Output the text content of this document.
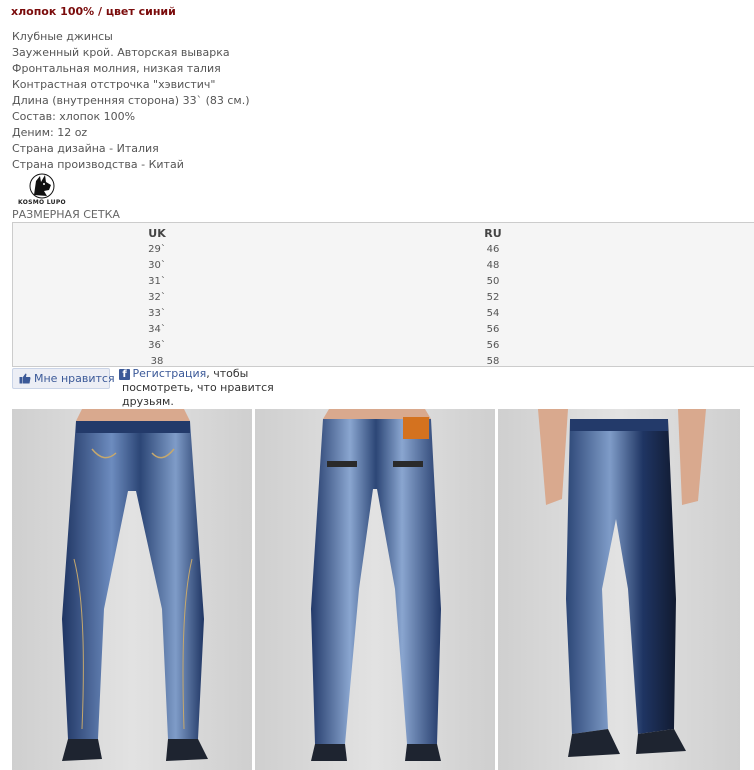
хлопок 100% / цвет синий
Клубные джинсы
Зауженный крой. Авторская выварка
Фронтальная молния, низкая талия
Контрастная отстрочка "хэвистич"
Длина (внутренняя сторона) 33` (83 см.)
Состав: хлопок 100%
Деним: 12 oz
Страна дизайна - Италия
Страна производства - Китай
KOSMO LUPO
РАЗМЕРНАЯ СЕТКА
UK
29`
30`
31`
32`
33`
34`
36`
38
RU
46
48
50
52
54
56
56
58
Мне нравится f Регистрация, чтобы
посмотреть, что нравится
друзьям.
